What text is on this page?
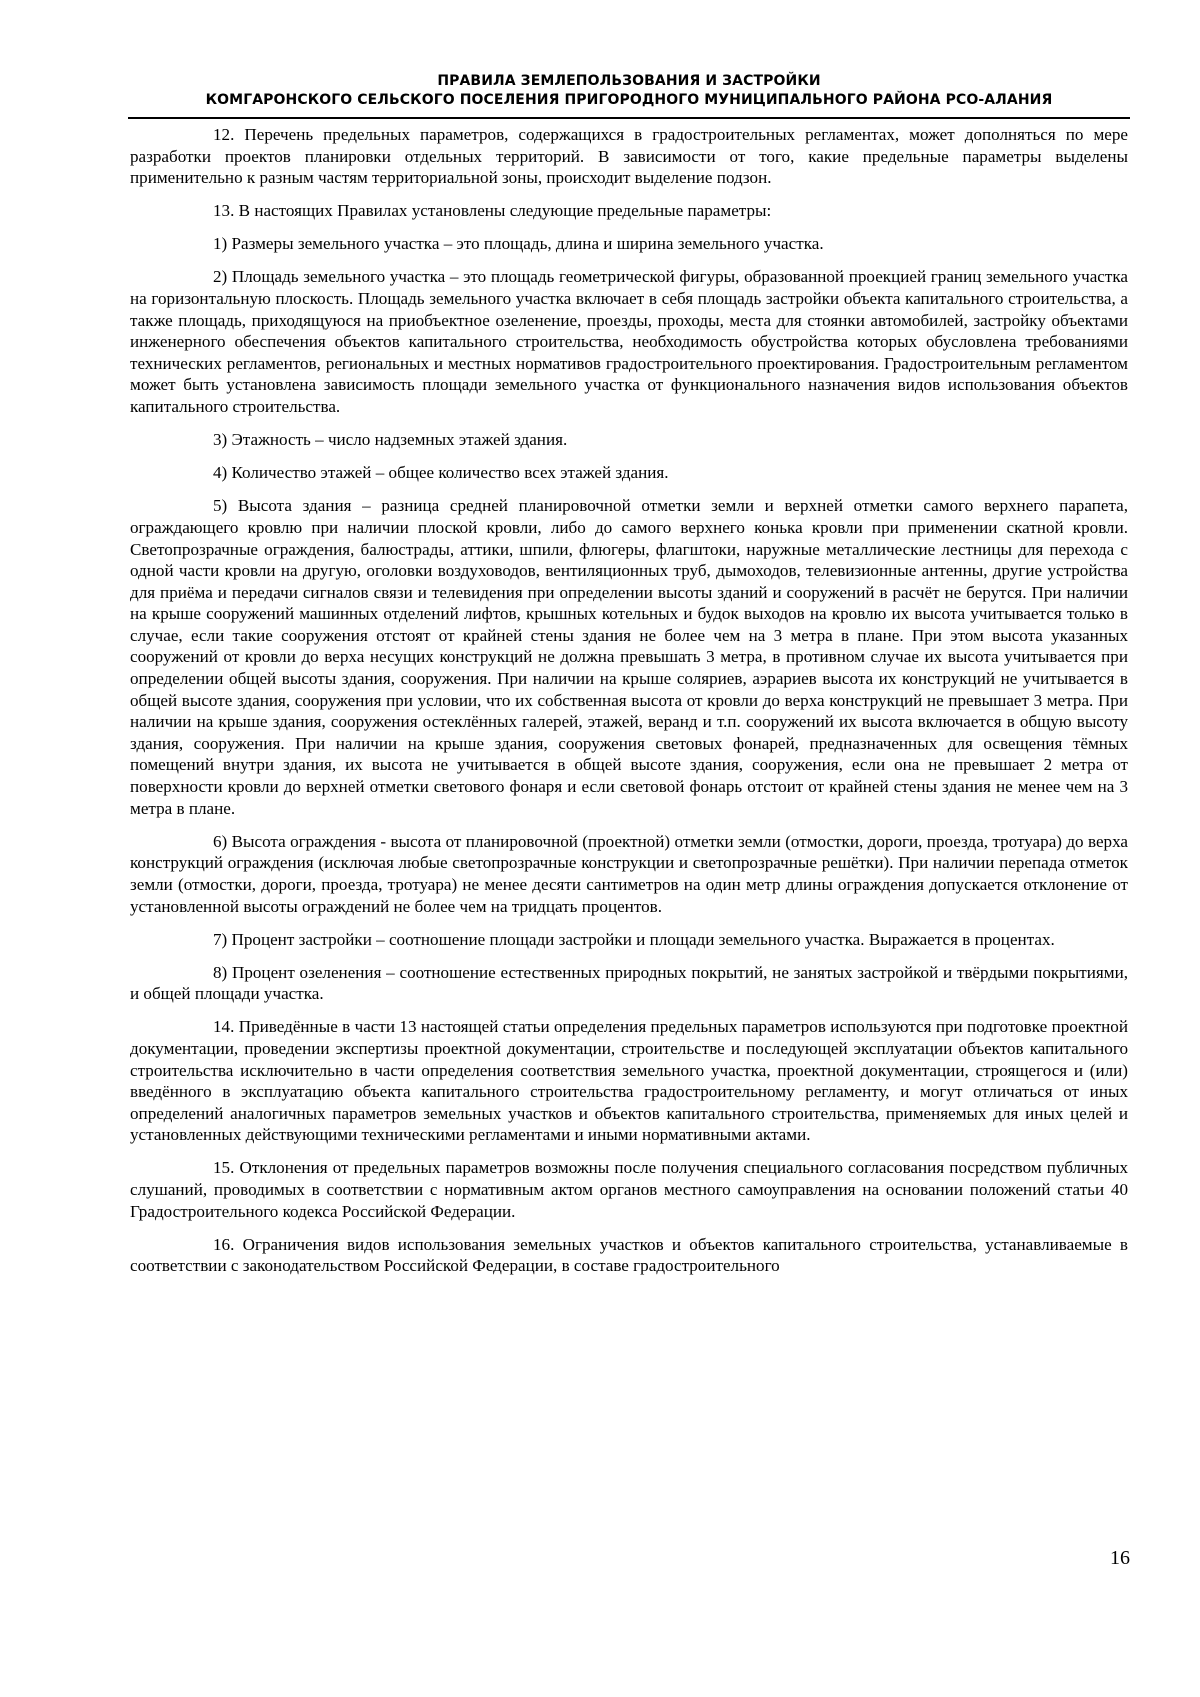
ПРАВИЛА ЗЕМЛЕПОЛЬЗОВАНИЯ И ЗАСТРОЙКИ
КОМГАРОНСКОГО СЕЛЬСКОГО ПОСЕЛЕНИЯ ПРИГОРОДНОГО МУНИЦИПАЛЬНОГО РАЙОНА РСО-АЛАНИЯ

12. Перечень предельных параметров, содержащихся в градостроительных регламентах, может дополняться по мере разработки проектов планировки отдельных территорий. В зависимости от того, какие предельные параметры выделены применительно к разным частям территориальной зоны, происходит выделение подзон.

13. В настоящих Правилах установлены следующие предельные параметры:

1) Размеры земельного участка – это площадь, длина и ширина земельного участка.

2) Площадь земельного участка – это площадь геометрической фигуры, образованной проекцией границ земельного участка на горизонтальную плоскость. Площадь земельного участка включает в себя площадь застройки объекта капитального строительства, а также площадь, приходящуюся на приобъектное озеленение, проезды, проходы, места для стоянки автомобилей, застройку объектами инженерного обеспечения объектов капитального строительства, необходимость обустройства которых обусловлена требованиями технических регламентов, региональных и местных нормативов градостроительного проектирования. Градостроительным регламентом может быть установлена зависимость площади земельного участка от функционального назначения видов использования объектов капитального строительства.

3) Этажность – число надземных этажей здания.

4) Количество этажей – общее количество всех этажей здания.

5) Высота здания – разница средней планировочной отметки земли и верхней отметки самого верхнего парапета, ограждающего кровлю при наличии плоской кровли, либо до самого верхнего конька кровли при применении скатной кровли. Светопрозрачные ограждения, балюстрады, аттики, шпили, флюгеры, флагштоки, наружные металлические лестницы для перехода с одной части кровли на другую, оголовки воздуховодов, вентиляционных труб, дымоходов, телевизионные антенны, другие устройства для приёма и передачи сигналов связи и телевидения при определении высоты зданий и сооружений в расчёт не берутся. При наличии на крыше сооружений машинных отделений лифтов, крышных котельных и будок выходов на кровлю их высота учитывается только в случае, если такие сооружения отстоят от крайней стены здания не более чем на 3 метра в плане. При этом высота указанных сооружений от кровли до верха несущих конструкций не должна превышать 3 метра, в противном случае их высота учитывается при определении общей высоты здания, сооружения. При наличии на крыше соляриев, аэрариев высота их конструкций не учитывается в общей высоте здания, сооружения при условии, что их собственная высота от кровли до верха конструкций не превышает 3 метра. При наличии на крыше здания, сооружения остеклённых галерей, этажей, веранд и т.п. сооружений их высота включается в общую высоту здания, сооружения. При наличии на крыше здания, сооружения световых фонарей, предназначенных для освещения тёмных помещений внутри здания, их высота не учитывается в общей высоте здания, сооружения, если она не превышает 2 метра от поверхности кровли до верхней отметки светового фонаря и если световой фонарь отстоит от крайней стены здания не менее чем на 3 метра в плане.

6) Высота ограждения - высота от планировочной (проектной) отметки земли (отмостки, дороги, проезда, тротуара) до верха конструкций ограждения (исключая любые светопрозрачные конструкции и светопрозрачные решётки). При наличии перепада отметок земли (отмостки, дороги, проезда, тротуара) не менее десяти сантиметров на один метр длины ограждения допускается отклонение от установленной высоты ограждений не более чем на тридцать процентов.

7) Процент застройки – соотношение площади застройки и площади земельного участка. Выражается в процентах.

8) Процент озеленения – соотношение естественных природных покрытий, не занятых застройкой и твёрдыми покрытиями, и общей площади участка.

14. Приведённые в части 13 настоящей статьи определения предельных параметров используются при подготовке проектной документации, проведении экспертизы проектной документации, строительстве и последующей эксплуатации объектов капитального строительства исключительно в части определения соответствия земельного участка, проектной документации, строящегося и (или) введённого в эксплуатацию объекта капитального строительства градостроительному регламенту, и могут отличаться от иных определений аналогичных параметров земельных участков и объектов капитального строительства, применяемых для иных целей и установленных действующими техническими регламентами и иными нормативными актами.

15. Отклонения от предельных параметров возможны после получения специального согласования посредством публичных слушаний, проводимых в соответствии с нормативным актом органов местного самоуправления на основании положений статьи 40 Градостроительного кодекса Российской Федерации.

16. Ограничения видов использования земельных участков и объектов капитального строительства, устанавливаемые в соответствии с законодательством Российской Федерации, в составе градостроительного

16
